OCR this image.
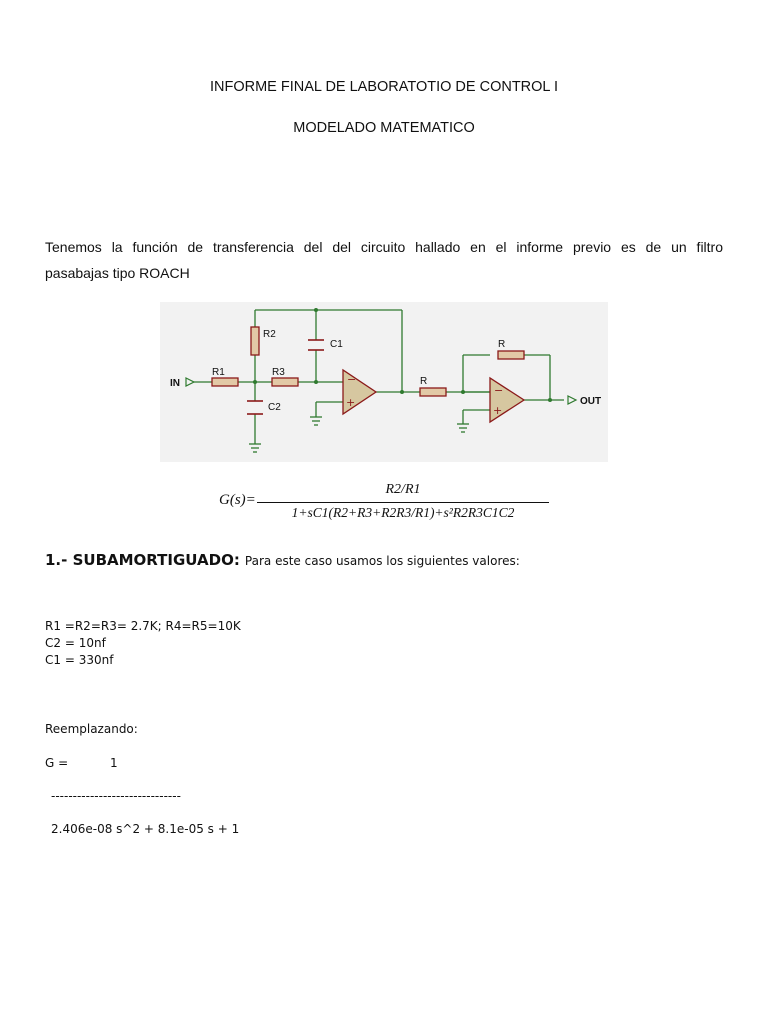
INFORME FINAL DE LABORATOTIO DE CONTROL I
MODELADO MATEMATICO
Tenemos la función de transferencia del del circuito hallado en el informe previo es de un filtro
pasabajas tipo ROACH
−
+
−
+
IN
OUT
R1
R2
R3
C1
C2
R
R
G(s)=
R2/R1
1+sC1(R2+R3+R2R3/R1)+s²R2R3C1C2
1.- SUBAMORTIGUADO: Para este caso usamos los siguientes valores:
R1 =R2=R3= 2.7K; R4=R5=10K
C2 = 10nf
C1 = 330nf
Reemplazando:
G =	1
------------------------------
2.406e-08 s^2 + 8.1e-05 s + 1
